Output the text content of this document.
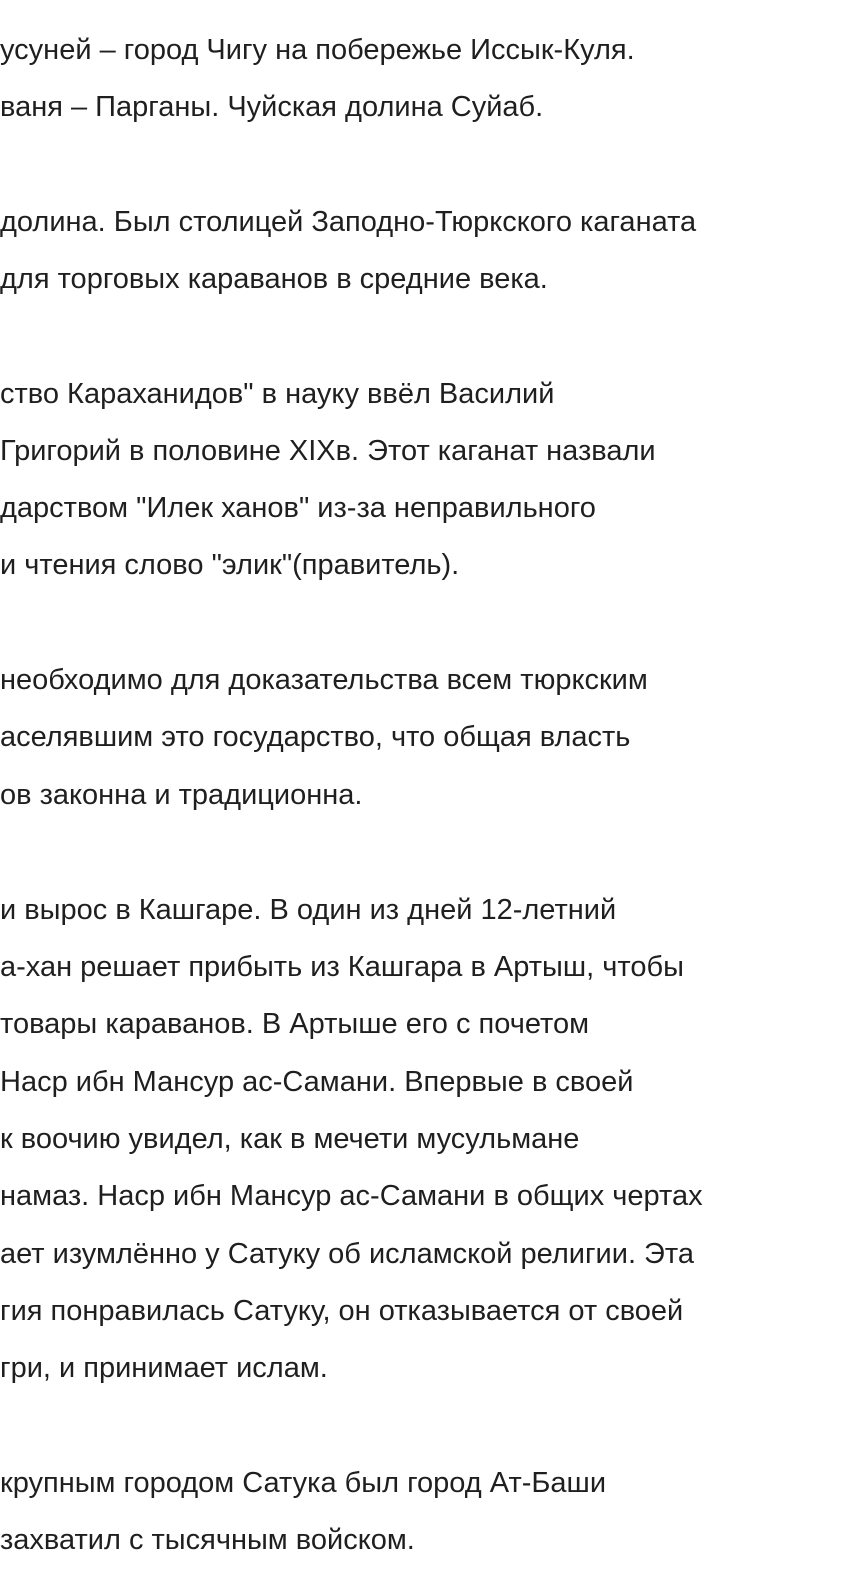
усуней – город Чигу на побережье Иссык-Куля.
ваня – Парганы. Чуйская долина Суйаб.
долина. Был столицей Заподно-Тюркского каганата
для торговых караванов в средние века.
ство Караханидов" в науку ввёл Василий
Григорий в половине XIXв. Этот каганат назвали
дарством "Илек ханов" из-за неправильного
и чтения слово "элик"(правитель).
необходимо для доказательства всем тюркским
аселявшим это государство, что общая власть
ов законна и традиционна.
и вырос в Кашгаре. В один из дней 12-летний
а-хан решает прибыть из Кашгара в Артыш, чтобы
товары караванов. В Артыше его с почетом
Наср ибн Мансур ас-Самани. Впервые в своей
к воочию увидел, как в мечети мусульмане
намаз. Наср ибн Мансур ас-Самани в общих чертах
ает изумлённо у Сатуку об исламской религии. Эта
гия понравилась Сатуку, он отказывается от своей
гри, и принимает ислам.
крупным городом Сатука был город Ат-Баши
захватил с тысячным войском.
